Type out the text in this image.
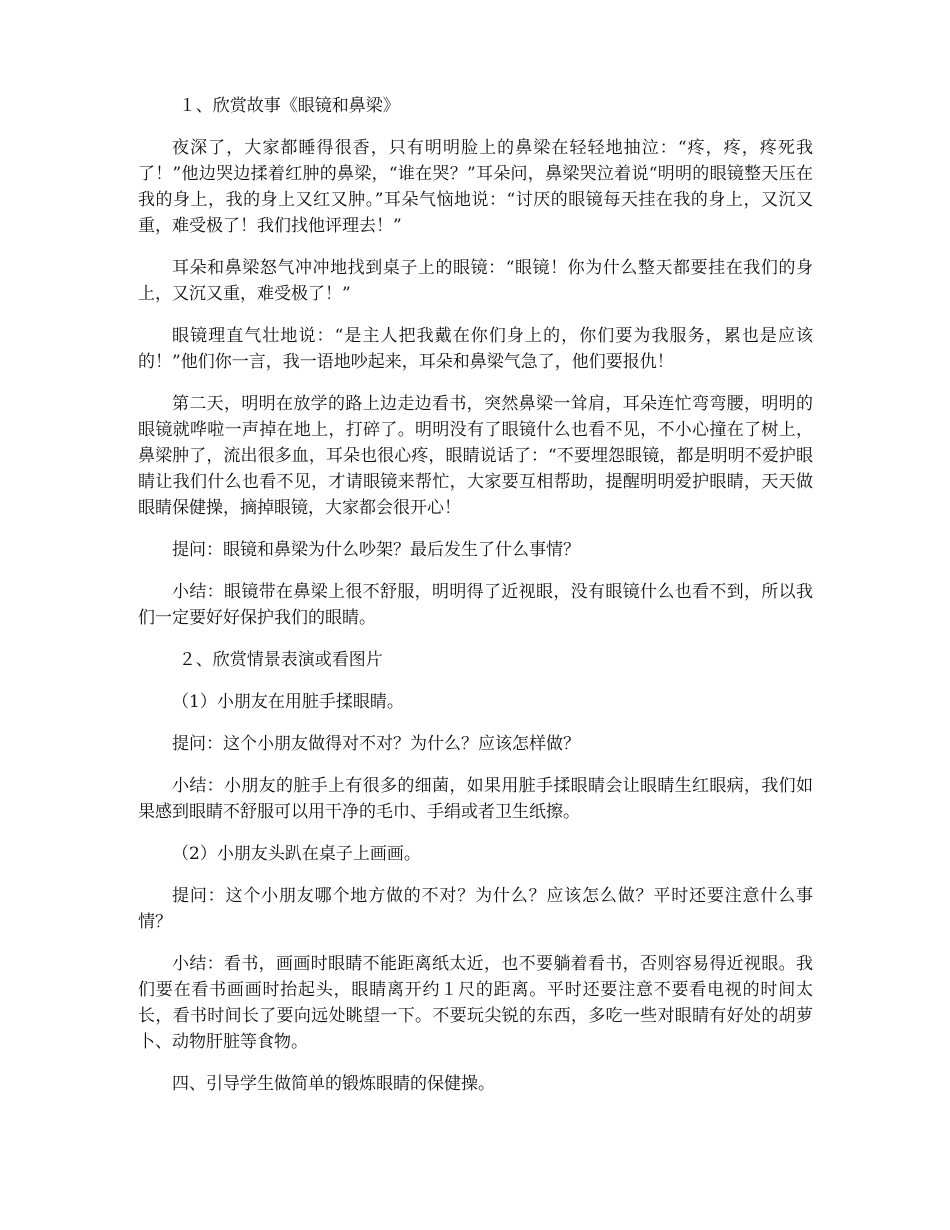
１、欣赏故事《眼镜和鼻梁》

夜深了，大家都睡得很香，只有明明脸上的鼻梁在轻轻地抽泣：“疼，疼，疼死我了！”他边哭边揉着红肿的鼻梁，“谁在哭？”耳朵问，鼻梁哭泣着说“明明的眼镜整天压在我的身上，我的身上又红又肿。”耳朵气恼地说：“讨厌的眼镜每天挂在我的身上，又沉又重，难受极了！我们找他评理去！”

耳朵和鼻梁怒气冲冲地找到桌子上的眼镜：“眼镜！你为什么整天都要挂在我们的身上，又沉又重，难受极了！”

眼镜理直气壮地说：“是主人把我戴在你们身上的，你们要为我服务，累也是应该的！”他们你一言，我一语地吵起来，耳朵和鼻梁气急了，他们要报仇！

第二天，明明在放学的路上边走边看书，突然鼻梁一耸肩，耳朵连忙弯弯腰，明明的眼镜就哗啦一声掉在地上，打碎了。明明没有了眼镜什么也看不见，不小心撞在了树上，鼻梁肿了，流出很多血，耳朵也很心疼，眼睛说话了：“不要埋怨眼镜，都是明明不爱护眼睛让我们什么也看不见，才请眼镜来帮忙，大家要互相帮助，提醒明明爱护眼睛，天天做眼睛保健操，摘掉眼镜，大家都会很开心！

提问：眼镜和鼻梁为什么吵架？最后发生了什么事情？

小结：眼镜带在鼻梁上很不舒服，明明得了近视眼，没有眼镜什么也看不到，所以我们一定要好好保护我们的眼睛。

２、欣赏情景表演或看图片

（1）小朋友在用脏手揉眼睛。

提问：这个小朋友做得对不对？为什么？应该怎样做？

小结：小朋友的脏手上有很多的细菌，如果用脏手揉眼睛会让眼睛生红眼病，我们如果感到眼睛不舒服可以用干净的毛巾、手绢或者卫生纸擦。

（2）小朋友头趴在桌子上画画。

提问：这个小朋友哪个地方做的不对？为什么？应该怎么做？平时还要注意什么事情？

小结：看书，画画时眼睛不能距离纸太近，也不要躺着看书，否则容易得近视眼。我们要在看书画画时抬起头，眼睛离开约１尺的距离。平时还要注意不要看电视的时间太长，看书时间长了要向远处眺望一下。不要玩尖锐的东西，多吃一些对眼睛有好处的胡萝卜、动物肝脏等食物。

四、引导学生做简单的锻炼眼睛的保健操。
